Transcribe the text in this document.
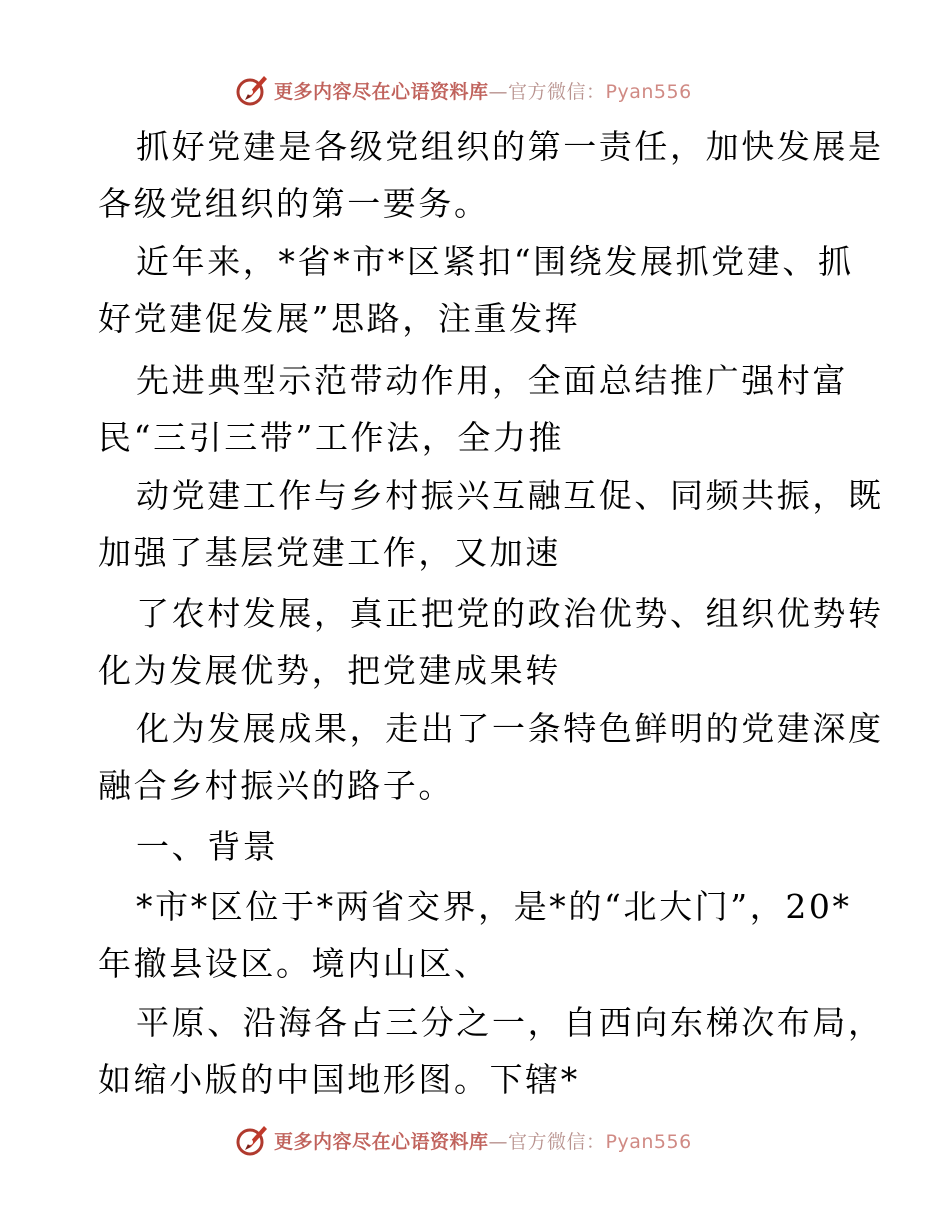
更多内容尽在心语资料库—官方微信：Pyan556
抓好党建是各级党组织的第一责任，加快发展是
各级党组织的第一要务。
近年来，*省*市*区紧扣“围绕发展抓党建、抓
好党建促发展”思路，注重发挥
先进典型示范带动作用，全面总结推广强村富
民“三引三带”工作法，全力推
动党建工作与乡村振兴互融互促、同频共振，既
加强了基层党建工作，又加速
了农村发展，真正把党的政治优势、组织优势转
化为发展优势，把党建成果转
化为发展成果，走出了一条特色鲜明的党建深度
融合乡村振兴的路子。
一、背景
*市*区位于*两省交界，是*的“北大门”，20*
年撤县设区。境内山区、
平原、沿海各占三分之一，自西向东梯次布局，
如缩小版的中国地形图。下辖*
更多内容尽在心语资料库—官方微信：Pyan556
